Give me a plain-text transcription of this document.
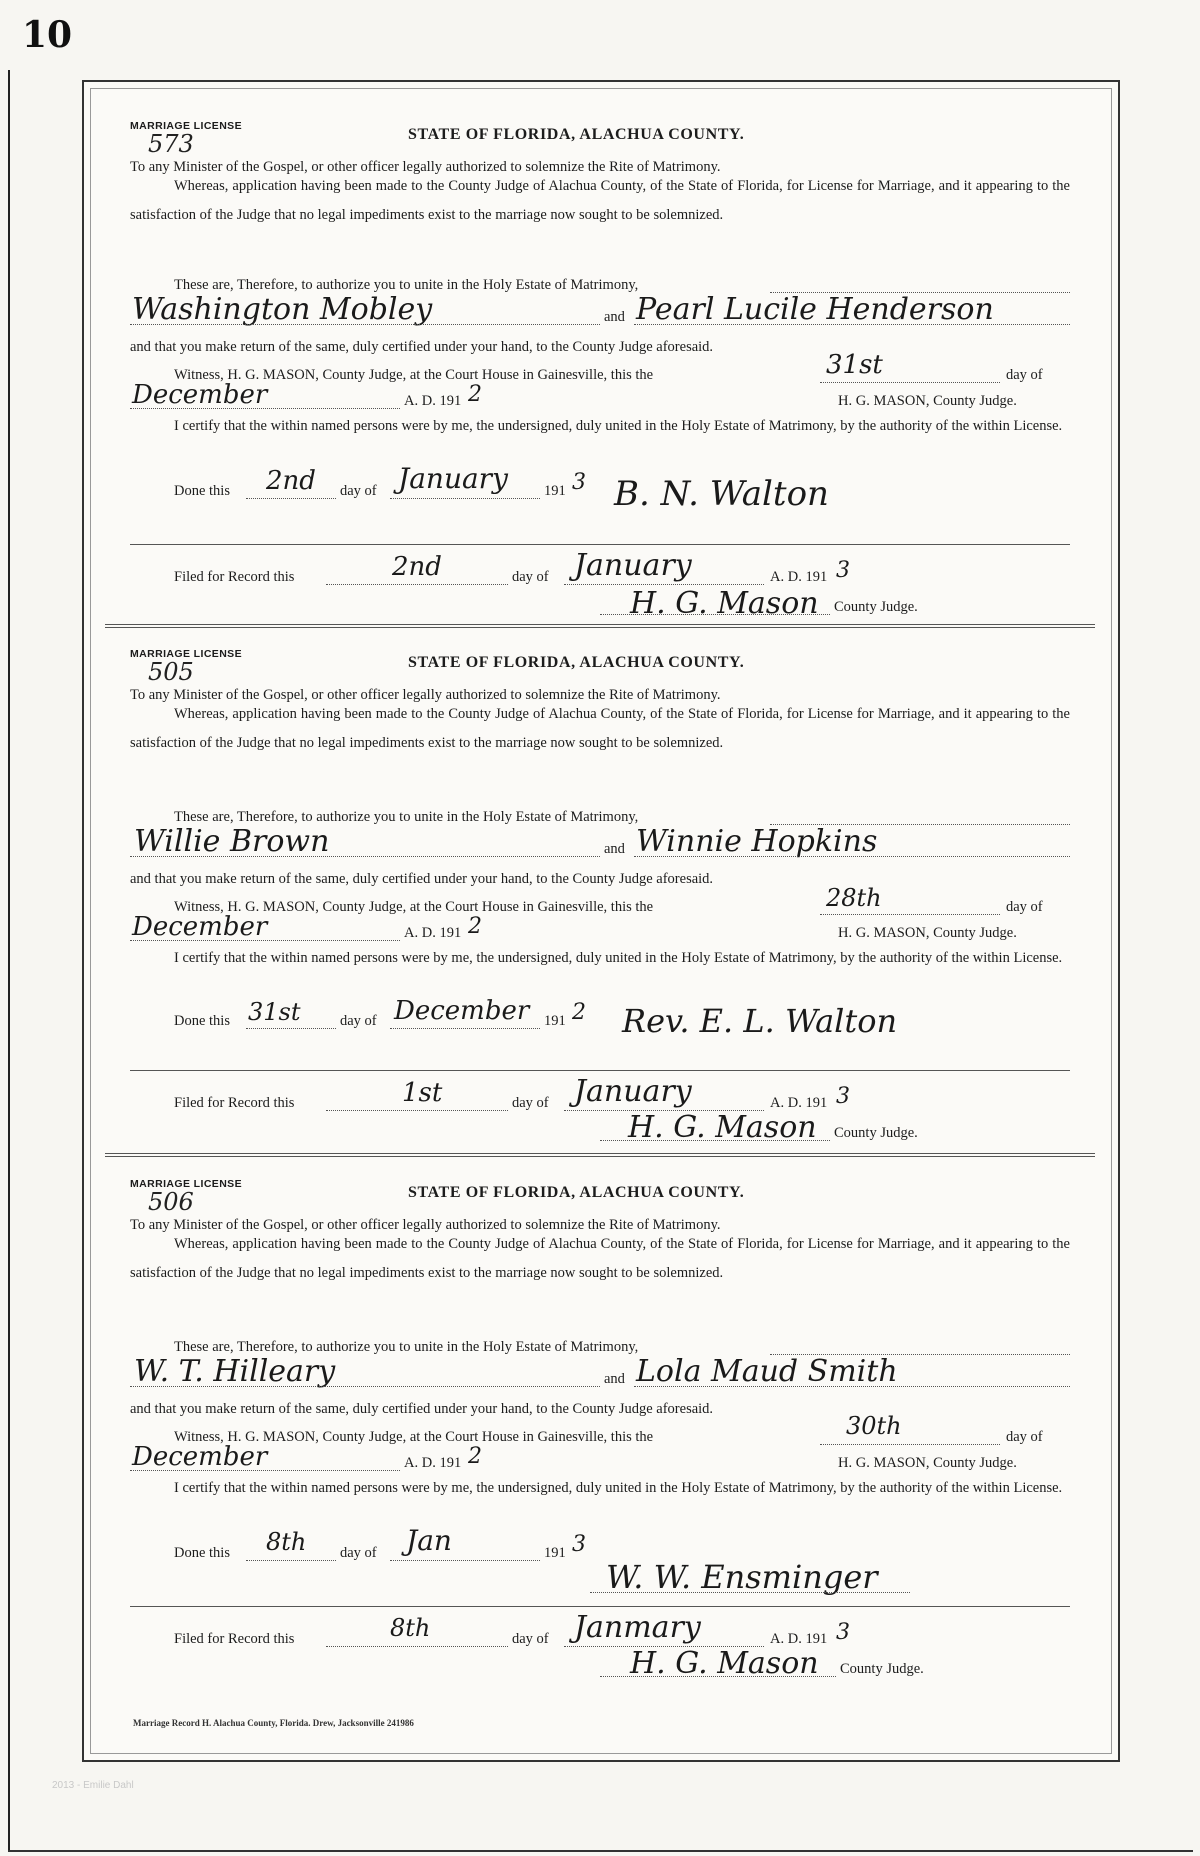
10
MARRIAGE LICENSE
573	STATE OF FLORIDA, ALACHUA COUNTY.
To any Minister of the Gospel, or other officer legally authorized to solemnize the Rite of Matrimony.
Whereas, application having been made to the County Judge of Alachua County, of the State of Florida, for License for Marriage, and it appearing to the satisfaction of the Judge that no legal impediments exist to the marriage now sought to be solemnized.
These are, Therefore, to authorize you to unite in the Holy Estate of Matrimony,
Washington Mobley	and Pearl Lucile Henderson
and that you make return of the same, duly certified under your hand, to the County Judge aforesaid.
Witness, H. G. MASON, County Judge, at the Court House in Gainesville, this the	31st	day of
December	A. D. 191 2	H. G. MASON, County Judge.
I certify that the within named persons were by me, the undersigned, duly united in the Holy Estate of Matrimony, by the authority of the within License.
Done this 2nd day of January 191 3 B. N. Walton
Filed for Record this	2nd	day of January	A. D. 191 3
H. G. Mason County Judge.
MARRIAGE LICENSE
505	STATE OF FLORIDA, ALACHUA COUNTY.
To any Minister of the Gospel, or other officer legally authorized to solemnize the Rite of Matrimony.
Whereas, application having been made to the County Judge of Alachua County, of the State of Florida, for License for Marriage, and it appearing to the satisfaction of the Judge that no legal impediments exist to the marriage now sought to be solemnized.
These are, Therefore, to authorize you to unite in the Holy Estate of Matrimony,
Willie Brown	and Winnie Hopkins
and that you make return of the same, duly certified under your hand, to the County Judge aforesaid.
Witness, H. G. MASON, County Judge, at the Court House in Gainesville, this the	28th	day of
December	A. D. 191 2	H. G. MASON, County Judge.
I certify that the within named persons were by me, the undersigned, duly united in the Holy Estate of Matrimony, by the authority of the within License.
Done this 31st	day of December 191 2 Rev. E. L. Walton
Filed for Record this	1st	day of January	A. D. 191 3
H. G. Mason County Judge.
MARRIAGE LICENSE
506	STATE OF FLORIDA, ALACHUA COUNTY.
To any Minister of the Gospel, or other officer legally authorized to solemnize the Rite of Matrimony.
Whereas, application having been made to the County Judge of Alachua County, of the State of Florida, for License for Marriage, and it appearing to the satisfaction of the Judge that no legal impediments exist to the marriage now sought to be solemnized.
These are, Therefore, to authorize you to unite in the Holy Estate of Matrimony,
W. T. Hilleary	and Lola Maud Smith
and that you make return of the same, duly certified under your hand, to the County Judge aforesaid.
Witness, H. G. MASON, County Judge, at the Court House in Gainesville, this the	30th	day of
December	A. D. 191 2	H. G. MASON, County Judge.
I certify that the within named persons were by me, the undersigned, duly united in the Holy Estate of Matrimony, by the authority of the within License.
Done this 8th day of Jan	191 3
W. W. Ensminger
Filed for Record this	8th	day of Janmary	A. D. 191 3
H. G. Mason County Judge.
Marriage Record H. Alachua County, Florida. Drew, Jacksonville 241986
2013 - Emilie Dahl
